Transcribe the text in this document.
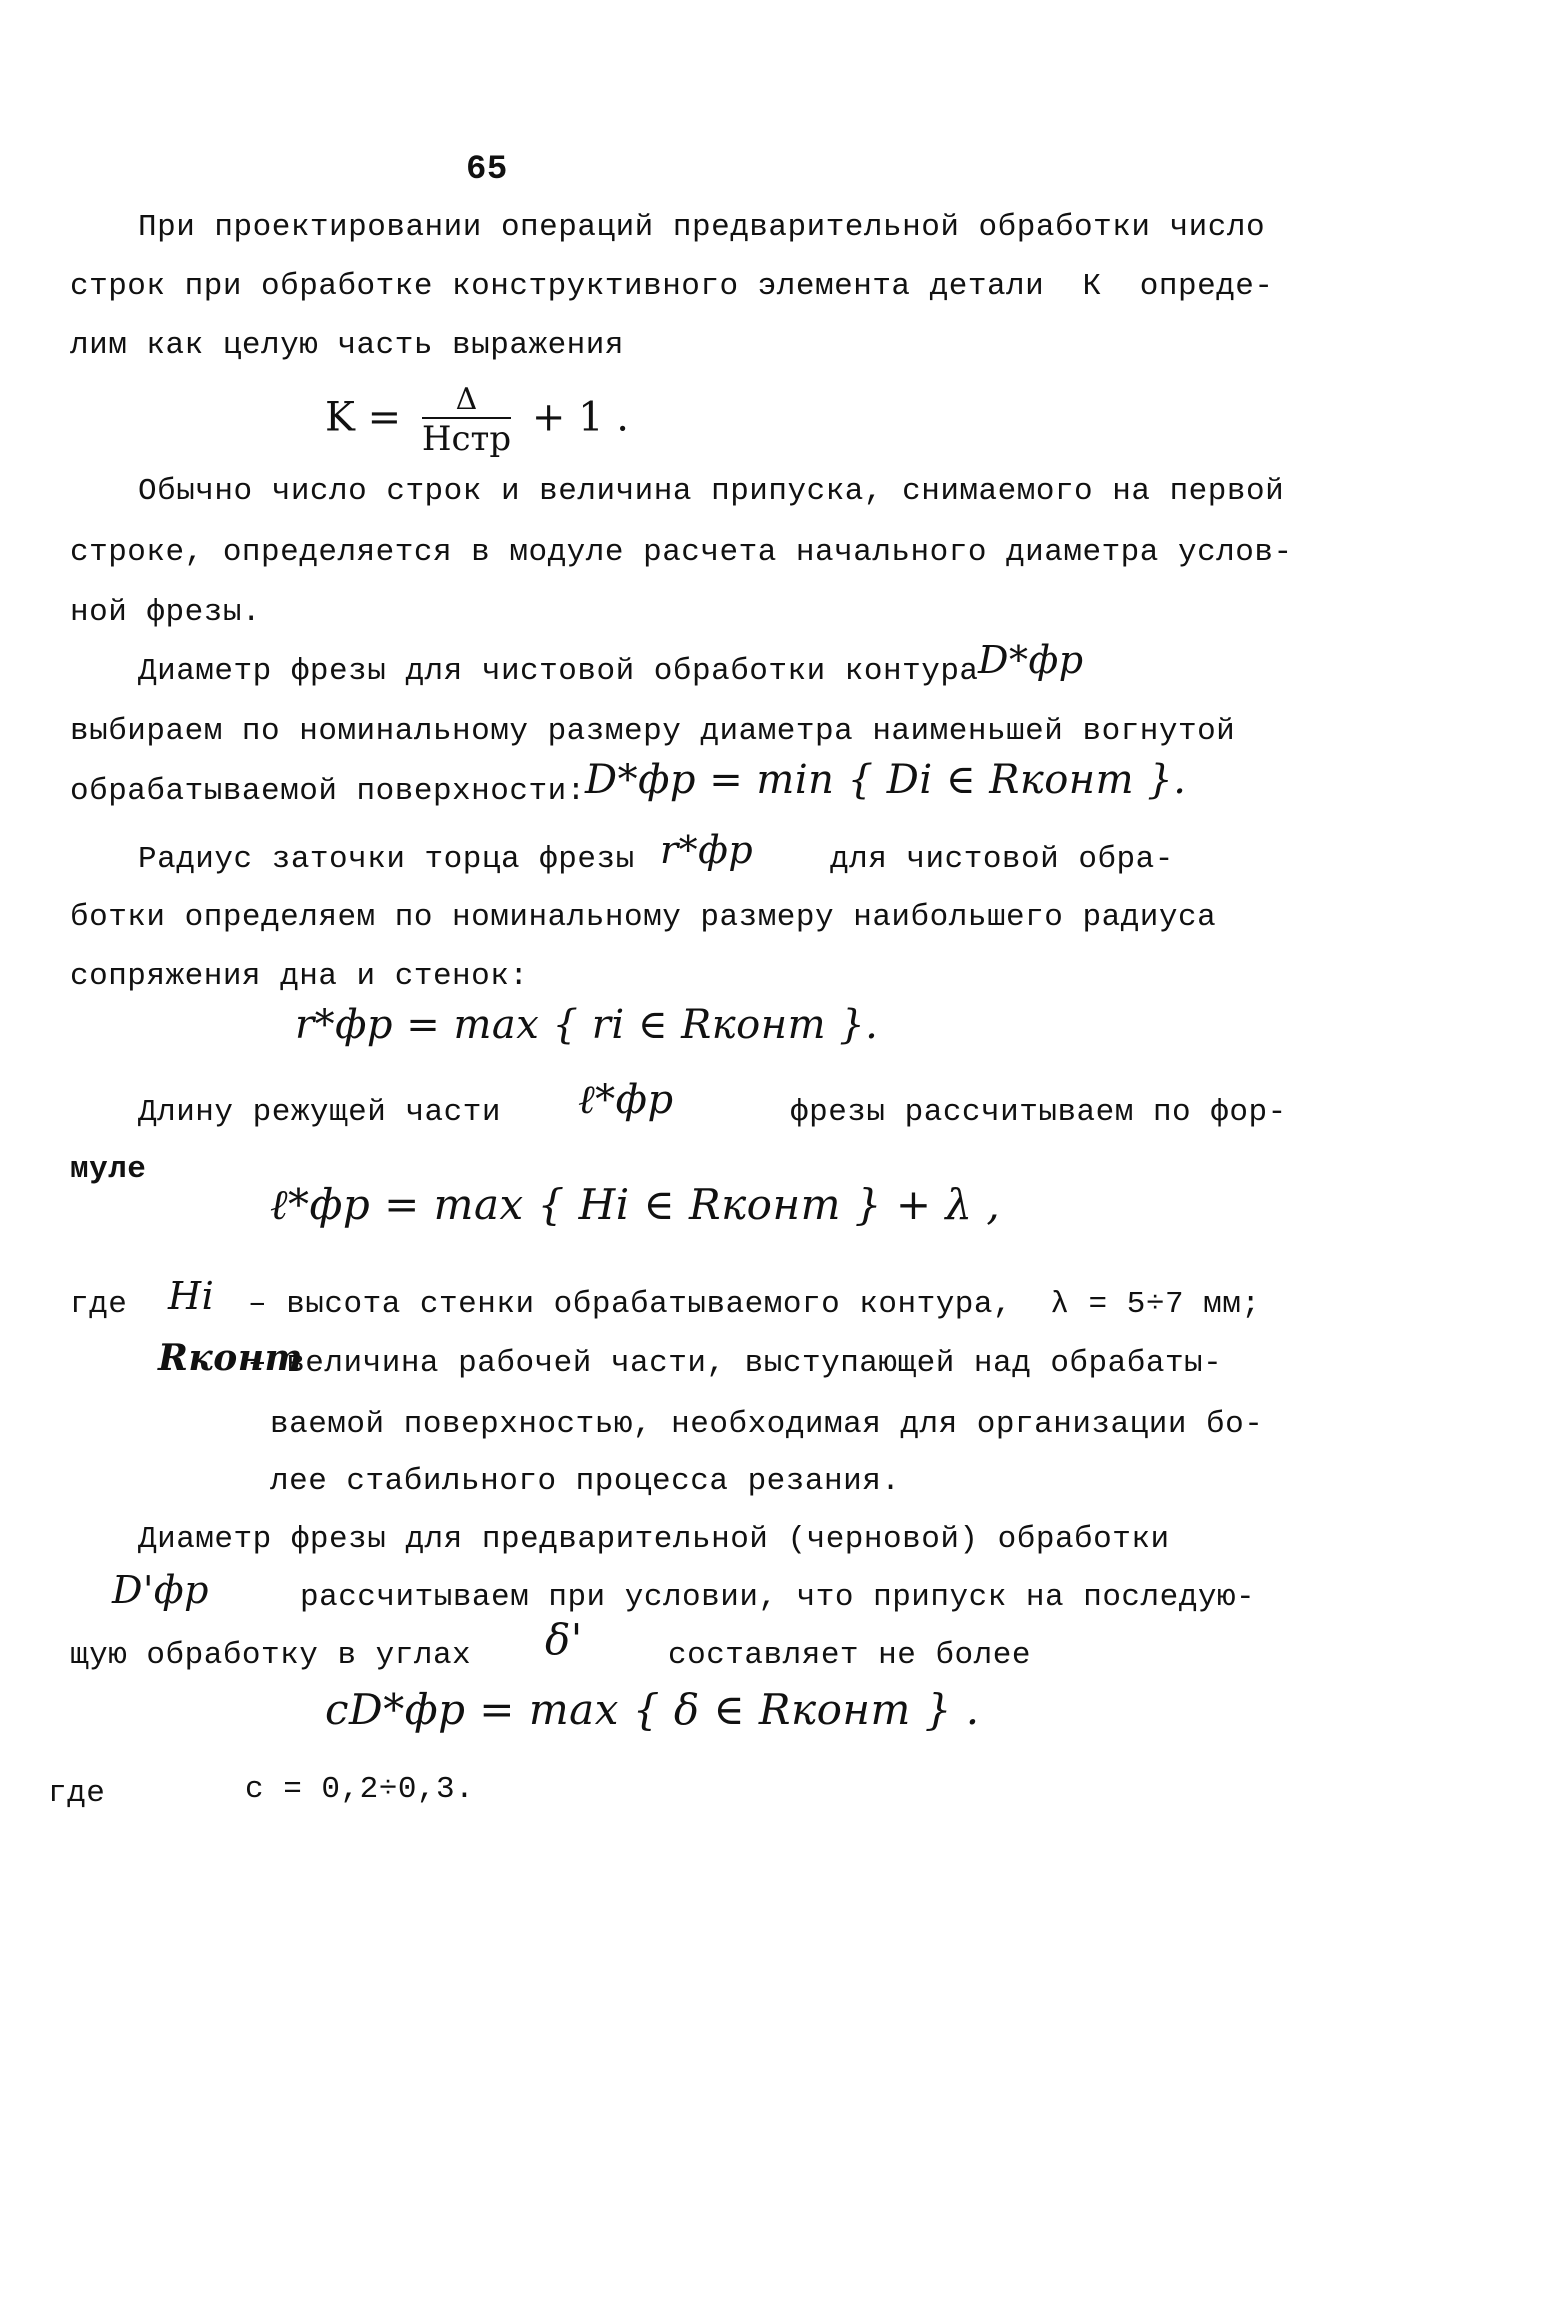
65
При проектировании операций предварительной обработки число
строк при обработке конструктивного элемента детали  К  опреде-
лим как целую часть выражения
$K = \frac{\Delta}{\text{Hстр}} + 1$ .
Обычно число строк и величина припуска, снимаемого на первой
строке, определяется в модуле расчета начального диаметра услов-
ной фрезы.
Диаметр фрезы для чистовой обработки контура D*фр
выбираем по номинальному размеру диаметра наименьшей вогнутой
обрабатываемой поверхности: D*фр = min { Di ∈ Rконт }.
Радиус заточки торца фрезы r*фр для чистовой обра-
ботки определяем по номинальному размеру наибольшего радиуса
сопряжения дна и стенок:
r*фр = max { ri ∈ Rконт }.
Длину режущей части ℓ*фр	фрезы рассчитываем по фор-
муле
ℓ*фр = max { Hi ∈ Rконт } + λ ,
где Hi – высота стенки обрабатываемого контура,  λ = 5÷7 мм;
Rконт
– величина рабочей части, выступающей над обрабаты-
ваемой поверхностью, необходимая для организации бо-
лее стабильного процесса резания.
Диаметр фрезы для предварительной (черновой) обработки
D'фр	рассчитываем при условии, что припуск на последую-
щую обработку в углах δ'	составляет не более
cD*фр = max { δ ∈ Rконт } .
где	c = 0,2÷0,3.
